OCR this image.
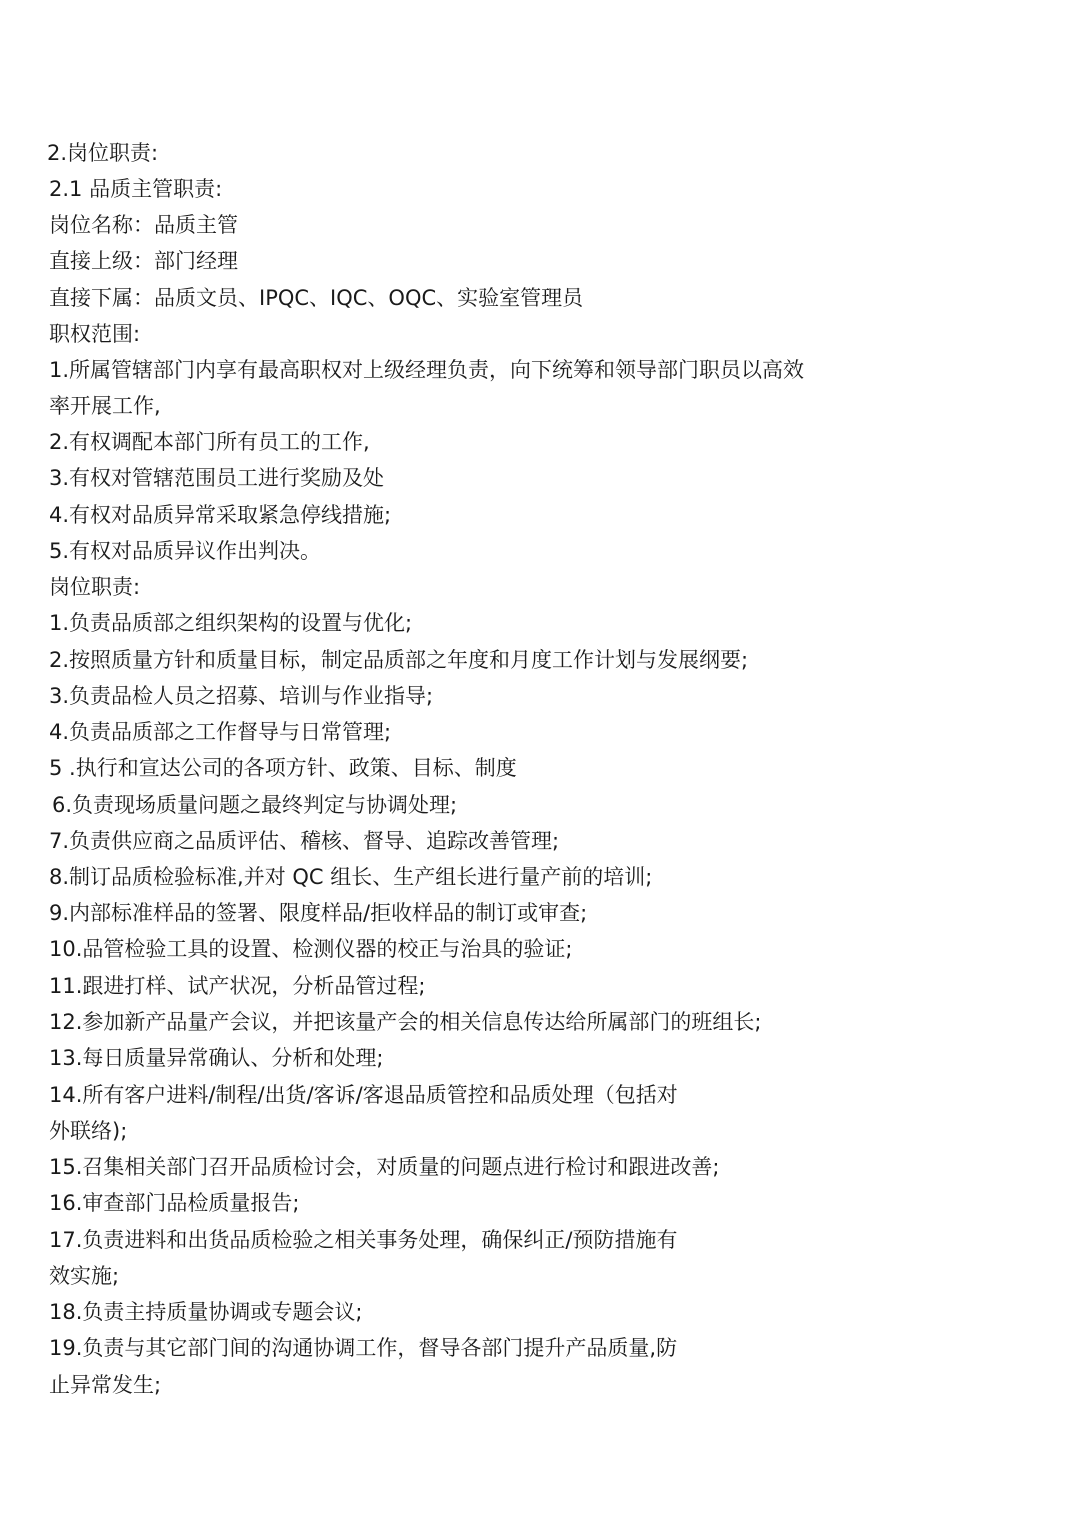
2.岗位职责:
2.1 品质主管职责:
岗位名称：品质主管
直接上级：部门经理
直接下属：品质文员、IPQC、IQC、OQC、实验室管理员
职权范围:
1.所属管辖部门内享有最高职权对上级经理负责，向下统筹和领导部门职员以高效
率开展工作,
2.有权调配本部门所有员工的工作,
3.有权对管辖范围员工进行奖励及处
4.有权对品质异常采取紧急停线措施;
5.有权对品质异议作出判决。
岗位职责:
1.负责品质部之组织架构的设置与优化;
2.按照质量方针和质量目标，制定品质部之年度和月度工作计划与发展纲要;
3.负责品检人员之招募、培训与作业指导;
4.负责品质部之工作督导与日常管理;
5 .执行和宣达公司的各项方针、政策、目标、制度
6.负责现场质量问题之最终判定与协调处理;
7.负责供应商之品质评估、稽核、督导、追踪改善管理;
8.制订品质检验标准,并对 QC 组长、生产组长进行量产前的培训;
9.内部标准样品的签署、限度样品/拒收样品的制订或审查;
10.品管检验工具的设置、检测仪器的校正与治具的验证;
11.跟进打样、试产状况，分析品管过程;
12.参加新产品量产会议，并把该量产会的相关信息传达给所属部门的班组长;
13.每日质量异常确认、分析和处理;
14.所有客户进料/制程/出货/客诉/客退品质管控和品质处理（包括对
外联络);
15.召集相关部门召开品质检讨会，对质量的问题点进行检讨和跟进改善;
16.审查部门品检质量报告;
17.负责进料和出货品质检验之相关事务处理，确保纠正/预防措施有
效实施;
18.负责主持质量协调或专题会议;
19.负责与其它部门间的沟通协调工作，督导各部门提升产品质量,防
止异常发生;
